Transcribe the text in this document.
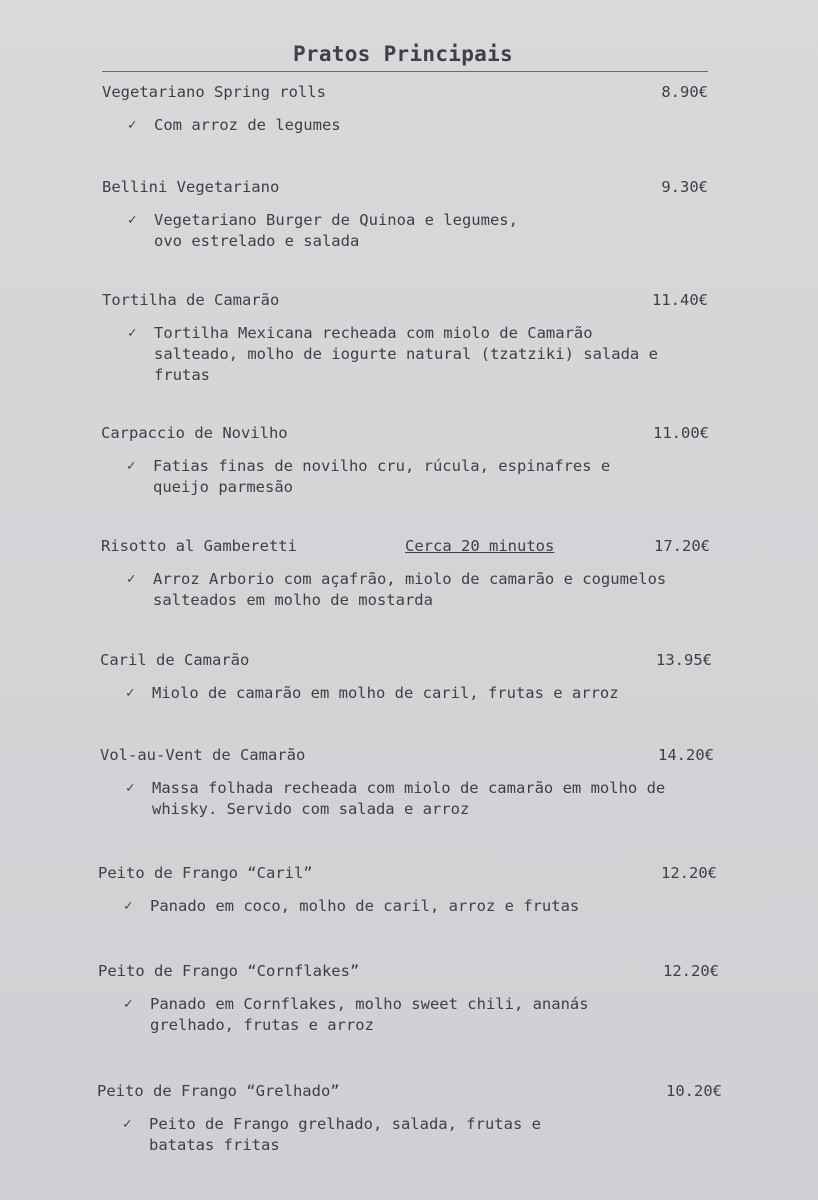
Pratos Principais
Vegetariano Spring rolls	8.90€
✓ Com arroz de legumes
Bellini Vegetariano	9.30€
✓ Vegetariano Burger de Quinoa e legumes,
ovo estrelado e salada
Tortilha de Camarão	11.40€
✓ Tortilha Mexicana recheada com miolo de Camarão
salteado, molho de iogurte natural (tzatziki) salada e
frutas
Carpaccio de Novilho	11.00€
✓ Fatias finas de novilho cru, rúcula, espinafres e
queijo parmesão
Risotto al Gamberetti	Cerca 20 minutos	17.20€
✓ Arroz Arborio com açafrão, miolo de camarão e cogumelos
salteados em molho de mostarda
Caril de Camarão	13.95€
✓ Miolo de camarão em molho de caril, frutas e arroz
Vol-au-Vent de Camarão	14.20€
✓ Massa folhada recheada com miolo de camarão em molho de
whisky. Servido com salada e arroz
Peito de Frango “Caril”	12.20€
✓ Panado em coco, molho de caril, arroz e frutas
Peito de Frango “Cornflakes”	12.20€
✓ Panado em Cornflakes, molho sweet chili, ananás
grelhado, frutas e arroz
Peito de Frango “Grelhado”	10.20€
✓ Peito de Frango grelhado, salada, frutas e
batatas fritas
